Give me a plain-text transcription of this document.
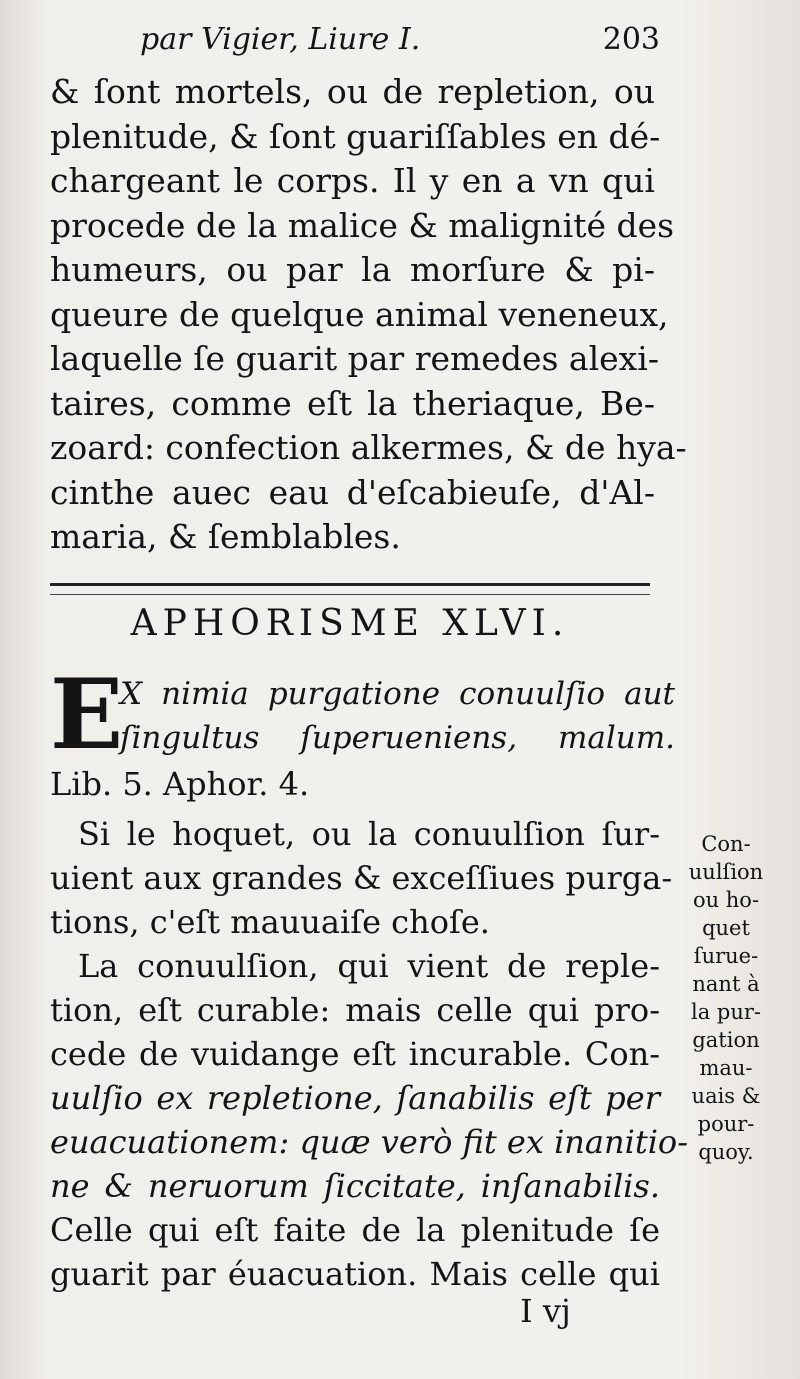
par Vigier, Liure I.	203
& ſont mortels, ou de repletion, ou
plenitude, & ſont guariſſables en dé-
chargeant le corps. Il y en a vn qui
procede de la malice & malignité des
humeurs, ou par la morſure & pi-
queure de quelque animal veneneux,
laquelle ſe guarit par remedes alexi-
taires, comme eſt la theriaque, Be-
zoard: confection alkermes, & de hya-
cinthe auec eau d'eſcabieuſe, d'Al-
maria, & ſemblables.
APHORISME XLVI.
E
X nimia purgatione conuulſio aut
ſingultus ſuperueniens, malum.
Lib. 5. Aphor. 4.
Si le hoquet, ou la conuulſion ſur-
uient aux grandes & exceſſiues purga-
tions, c'eſt mauuaiſe choſe.
La conuulſion, qui vient de reple-
tion, eſt curable: mais celle qui pro-
cede de vuidange eſt incurable. Con-
uulſio ex repletione, ſanabilis eſt per
euacuationem: quæ verò fit ex inanitio-
ne & neruorum ſiccitate, inſanabilis.
Celle qui eſt faite de la plenitude ſe
guarit par éuacuation. Mais celle qui
Con-
uulſion
ou ho-
quet
ſurue-
nant à
la pur-
gation
mau-
uais &
pour-
quoy.
I vj
